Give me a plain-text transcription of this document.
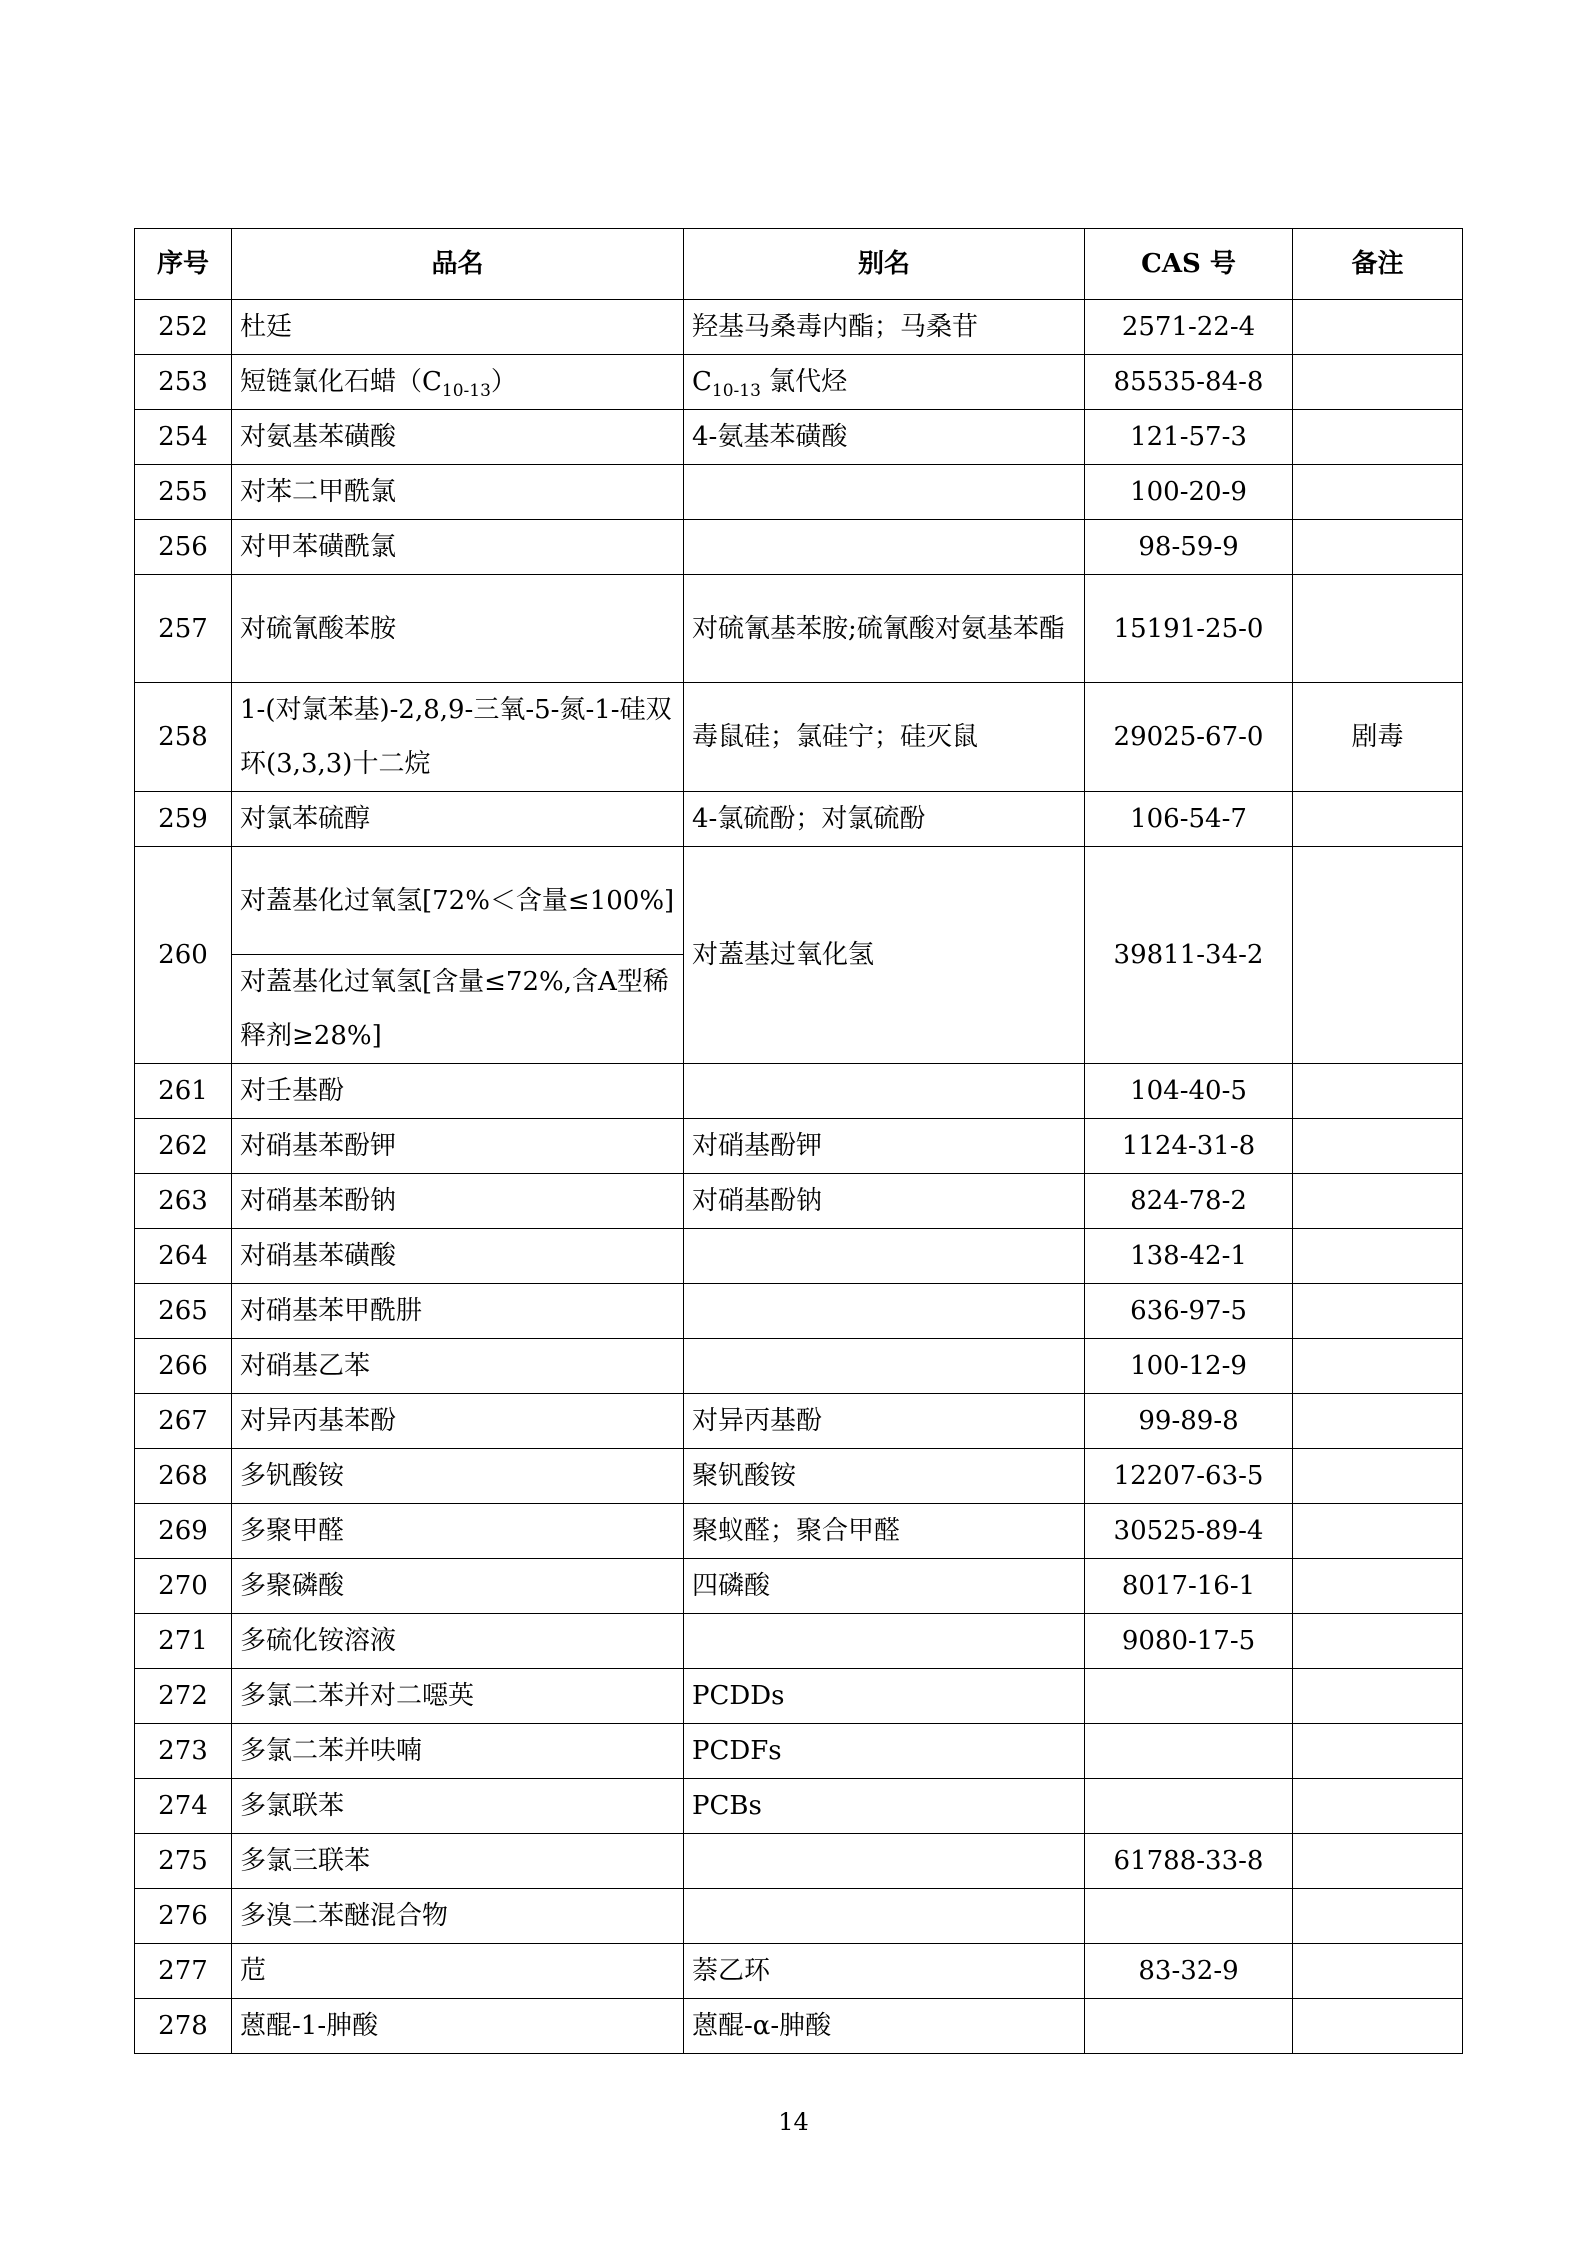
序号	品名	别名	CAS 号	备注
252	杜廷	羟基马桑毒内酯；马桑苷	2571-22-4	
253	短链氯化石蜡$(C_{10-13})$	$C_{10-13}$ 氯代烃	85535-84-8	
254	对氨基苯磺酸	4-氨基苯磺酸	121-57-3	
255	对苯二甲酰氯		100-20-9	
256	对甲苯磺酰氯		98-59-9	
257	对硫氰酸苯胺	对硫氰基苯胺;硫氰酸对氨基苯酯	15191-25-0	
258	1-(对氯苯基)-2,8,9-三氧-5-氮-1-硅双环(3,3,3)十二烷	毒鼠硅；氯硅宁；硅灭鼠	29025-67-0	剧毒
259	对氯苯硫醇	4-氯硫酚；对氯硫酚	106-54-7	
260	对蓋基化过氧氢[72%＜含量≤100%]	对蓋基过氧化氢	39811-34-2	
	对蓋基化过氧氢[含量≤72%,含A型稀释剂≥28%]			
261	对壬基酚		104-40-5	
262	对硝基苯酚钾	对硝基酚钾	1124-31-8	
263	对硝基苯酚钠	对硝基酚钠	824-78-2	
264	对硝基苯磺酸		138-42-1	
265	对硝基苯甲酰肼		636-97-5	
266	对硝基乙苯		100-12-9	
267	对异丙基苯酚	对异丙基酚	99-89-8	
268	多钒酸铵	聚钒酸铵	12207-63-5	
269	多聚甲醛	聚蚁醛；聚合甲醛	30525-89-4	
270	多聚磷酸	四磷酸	8017-16-1	
271	多硫化铵溶液		9080-17-5	
272	多氯二苯并对二噁英	PCDDs		
273	多氯二苯并呋喃	PCDFs		
274	多氯联苯	PCBs		
275	多氯三联苯		61788-33-8	
276	多溴二苯醚混合物			
277	苊	萘乙环	83-32-9	
278	蒽醌-1-胂酸	蒽醌-α-胂酸		
14
